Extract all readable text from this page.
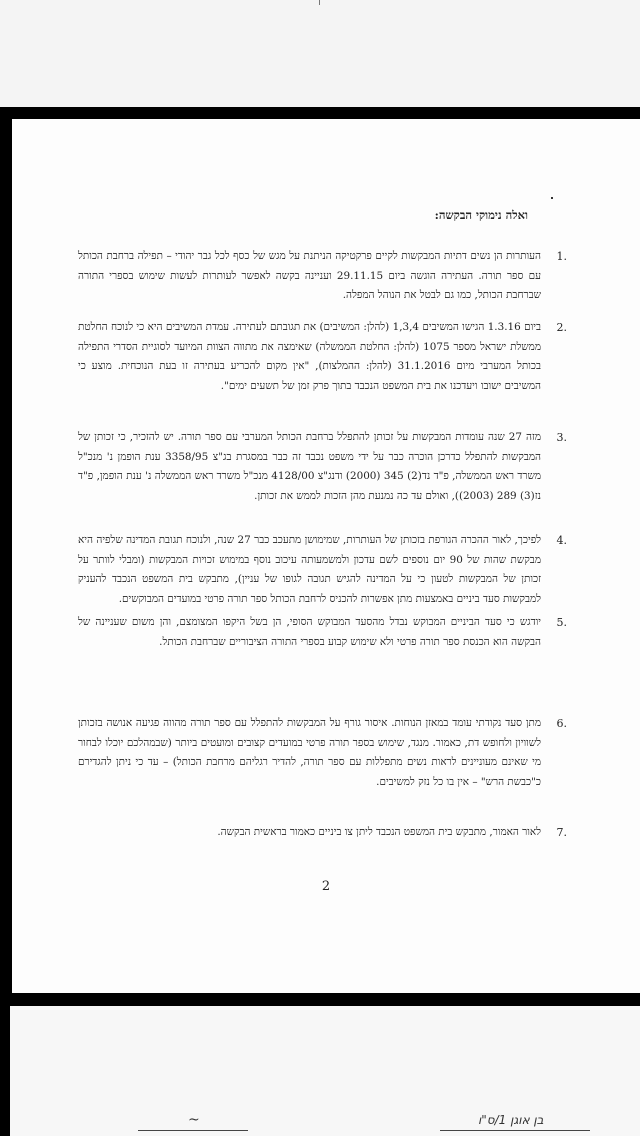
ואלה נימוקי הבקשה:
1.
העותרות הן נשים דתיות המבקשות לקיים פרקטיקה הניתנת על מגש של כסף לכל גבר יהודי – תפילה ברחבת הכותל עם ספר תורה. העתירה הוגשה ביום 29.11.15 ועניינה בקשה לאפשר לעותרות לעשות שימוש בספרי התורה שברחבת הכותל, כמו גם לבטל את הנוהל המפלה.
2.
ביום 1.3.16 הגישו המשיבים 1,3,4 (להלן: המשיבים) את תגובתם לעתירה. עמדת המשיבים היא כי לנוכח החלטת ממשלת ישראל מספר 1075 (להלן: החלטת הממשלה) שאימצה את מתווה הצוות המיועד לסוגיית הסדרי התפילה בכותל המערבי מיום 31.1.2016 (להלן: ההמלצות), "אין מקום להכריע בעתירה זו בעת הנוכחית. מוצע כי המשיבים ישובו ויעדכנו את בית המשפט הנכבד בתוך פרק זמן של תשעים ימים".
3.
מזה 27 שנה עומדות המבקשות על זכותן להתפלל ברחבת הכותל המערבי עם ספר תורה. יש להזכיר, כי זכותן של המבקשות להתפלל כדרכן הוכרה כבר על ידי משפט נכבד זה כבר במסגרת בג"צ 3358/95 ענת הופמן נ' מנכ"ל משרד ראש הממשלה, פ"ד נד(2) 345 (2000) ודנג"צ 4128/00 מנכ"ל משרד ראש הממשלה נ' ענת הופמן, פ"ד נז(3) 289 (2003)), ואולם עד כה נמנעת מהן הזכות לממש את זכותן.
4.
לפיכך, לאור ההכרה הגורפת בזכותן של העותרות, שמימושן מתעכב כבר 27 שנה, ולנוכח תגובת המדינה שלפיה היא מבקשת שהות של 90 יום נוספים לשם עדכון ולמשמעותה עיכוב נוסף במימוש זכויות המבקשות (ומבלי לוותר על זכותן של המבקשות לטעון כי על המדינה להגיש תגובה לגופו של עניין), מתבקש בית המשפט הנכבד להעניק למבקשות סעד ביניים באמצעות מתן אפשרות להכניס לרחבת הכותל ספר תורה פרטי במועדים המבוקשים.
5.
יודגש כי סעד הביניים המבוקש נבדל מהסעד המבוקש הסופי, הן בשל היקפו המצומצם, והן משום שעניינה של הבקשה הוא הכנסת ספר תורה פרטי ולא שימוש קבוע בספרי התורה הציבוריים שברחבת הכותל.
6.
מתן סעד נקודתי עומד במאזן הנוחות. איסור גורף על המבקשות להתפלל עם ספר תורה מהווה פגיעה אנושה בזכותן לשוויון ולחופש דת, כאמור. מנגד, שימוש בספר תורה פרטי במועדים קצובים ומועטים ביותר (שבמהלכם יוכלו לבחור מי שאינם מעוניינים לראות נשים מתפללות עם ספר תורה, להדיר רגליהם מרחבת הכותל) – עד כי ניתן להגדירם כ"כבשת הרש" – אין בו כל נזק למשיבים.
7.
לאור האמור, מתבקש בית המשפט הנכבד ליתן צו ביניים כאמור בראשית הבקשה.
2
~	בן אוגן 1/ס"ו
